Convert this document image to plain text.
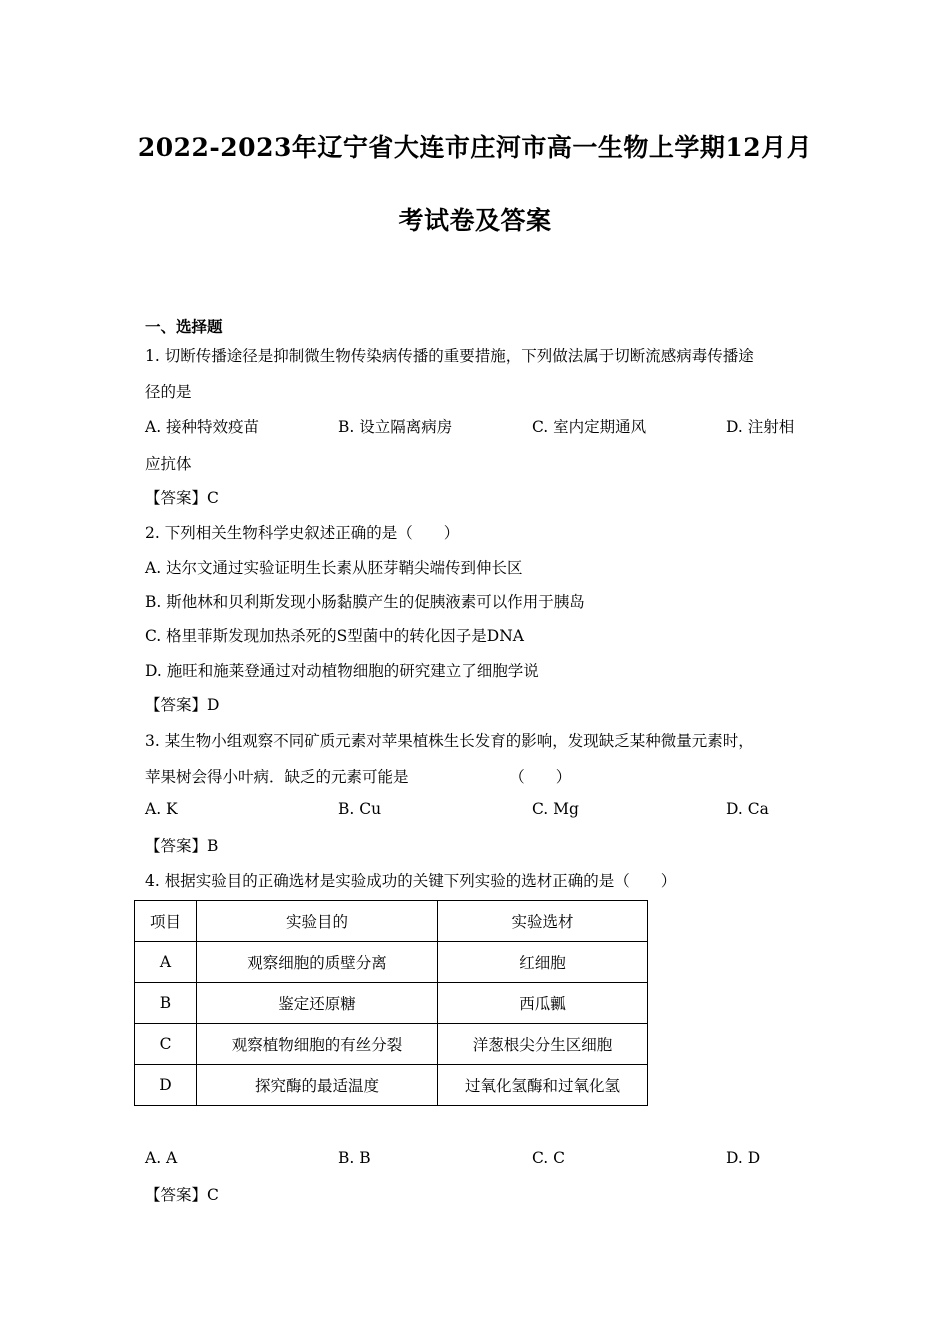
2022-2023年辽宁省大连市庄河市高一生物上学期12月月
考试卷及答案
一、选择题
1. 切断传播途径是抑制微生物传染病传播的重要措施，下列做法属于切断流感病毒传播途
径的是
A. 接种特效疫苗	B. 设立隔离病房	C. 室内定期通风	D. 注射相
应抗体
【答案】C
2. 下列相关生物科学史叙述正确的是（　　）
A. 达尔文通过实验证明生长素从胚芽鞘尖端传到伸长区
B. 斯他林和贝利斯发现小肠黏膜产生的促胰液素可以作用于胰岛
C. 格里菲斯发现加热杀死的S型菌中的转化因子是DNA
D. 施旺和施莱登通过对动植物细胞的研究建立了细胞学说
【答案】D
3. 某生物小组观察不同矿质元素对苹果植株生长发育的影响，发现缺乏某种微量元素时，
苹果树会得小叶病．缺乏的元素可能是　　　　　　　（　　）
A. K	B. Cu	C. Mg	D. Ca
【答案】B
4. 根据实验目的正确选材是实验成功的关键下列实验的选材正确的是（　　）
项目	实验目的	实验选材
A	观察细胞的质壁分离	红细胞
B	鉴定还原糖	西瓜瓤
C	观察植物细胞的有丝分裂	洋葱根尖分生区细胞
D	探究酶的最适温度	过氧化氢酶和过氧化氢
A. A	B. B	C. C	D. D
【答案】C
